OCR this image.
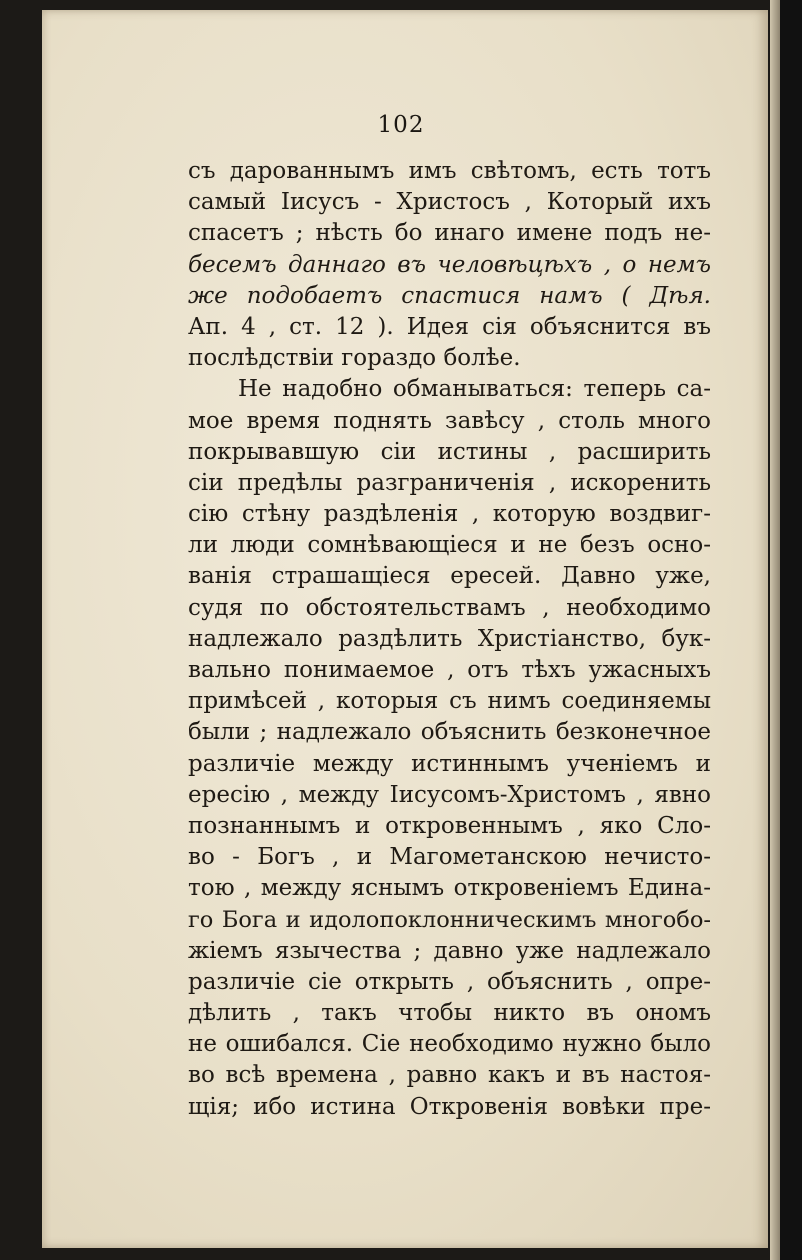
102
съ дарованнымъ имъ свѣтомъ, есть тотъ
самый Іисусъ - Христосъ , Который ихъ
спасетъ ; нѣсть бо инаго имене подъ не-
бесемъ даннаго въ человѣцѣхъ , о немъ
же подобаетъ спастися намъ ( Дѣя.
Ап. 4 , ст. 12 ). Идея сія объяснится въ
послѣдствіи гораздо болѣе.
Не надобно обманываться: теперь са-
мое время поднять завѣсу , столь много
покрывавшую сіи истины , расширить
сіи предѣлы разграниченія , искоренить
сію стѣну раздѣленія , которую воздвиг-
ли люди сомнѣвающіеся и не безъ осно-
ванія страшащіеся ересей. Давно уже,
судя по обстоятельствамъ , необходимо
надлежало раздѣлить Христіанство, бук-
вально понимаемое , отъ тѣхъ ужасныхъ
примѣсей , которыя съ нимъ соединяемы
были ; надлежало объяснить безконечное
различіе между истиннымъ ученіемъ и
ересію , между Іисусомъ-Христомъ , явно
познаннымъ и откровеннымъ , яко Сло-
во - Богъ , и Магометанскою нечисто-
тою , между яснымъ откровеніемъ Едина-
го Бога и идолопоклонническимъ многобо-
жіемъ язычества ; давно уже надлежало
различіе сіе открыть , объяснить , опре-
дѣлить , такъ чтобы никто въ ономъ
не ошибался. Сіе необходимо нужно было
во всѣ времена , равно какъ и въ настоя-
щія; ибо истина Откровенія вовѣки пре-
